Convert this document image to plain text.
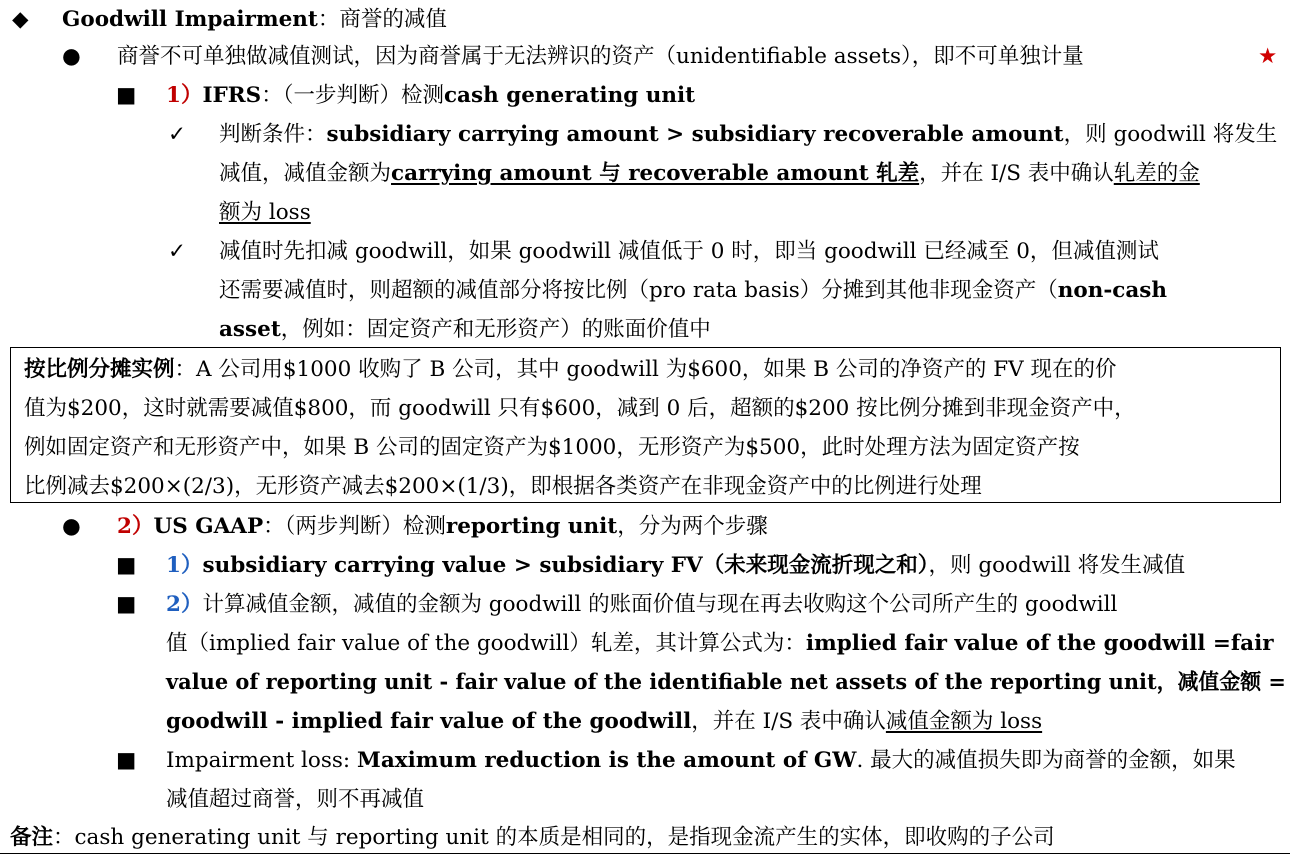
◆ Goodwill Impairment：商誉的减值
● 商誉不可单独做减值测试，因为商誉属于无法辨识的资产（unidentifiable assets），即不可单独计量	★
■ 1）IFRS：（一步判断）检测cash generating unit
✓ 判断条件：subsidiary carrying amount > subsidiary recoverable amount，则 goodwill 将发生
减值，减值金额为carrying amount 与 recoverable amount 轧差，并在 I/S 表中确认轧差的金
额为 loss
✓ 减值时先扣减 goodwill，如果 goodwill 减值低于 0 时，即当 goodwill 已经减至 0，但减值测试
还需要减值时，则超额的减值部分将按比例（pro rata basis）分摊到其他非现金资产（non-cash
asset，例如：固定资产和无形资产）的账面价值中
按比例分摊实例：A 公司用$1000 收购了 B 公司，其中 goodwill 为$600，如果 B 公司的净资产的 FV 现在的价
值为$200，这时就需要减值$800，而 goodwill 只有$600，减到 0 后，超额的$200 按比例分摊到非现金资产中，
例如固定资产和无形资产中，如果 B 公司的固定资产为$1000，无形资产为$500，此时处理方法为固定资产按
比例减去$200×(2/3)，无形资产减去$200×(1/3)，即根据各类资产在非现金资产中的比例进行处理
● 2）US GAAP：（两步判断）检测reporting unit，分为两个步骤
■ 1）subsidiary carrying value > subsidiary FV（未来现金流折现之和），则 goodwill 将发生减值
■ 2）计算减值金额，减值的金额为 goodwill 的账面价值与现在再去收购这个公司所产生的 goodwill
值（implied fair value of the goodwill）轧差，其计算公式为：implied fair value of the goodwill =fair
value of reporting unit - fair value of the identifiable net assets of the reporting unit，减值金额 =
goodwill - implied fair value of the goodwill，并在 I/S 表中确认减值金额为 loss
■ Impairment loss: Maximum reduction is the amount of GW. 最大的减值损失即为商誉的金额，如果
减值超过商誉，则不再减值
备注：cash generating unit 与 reporting unit 的本质是相同的，是指现金流产生的实体，即收购的子公司
